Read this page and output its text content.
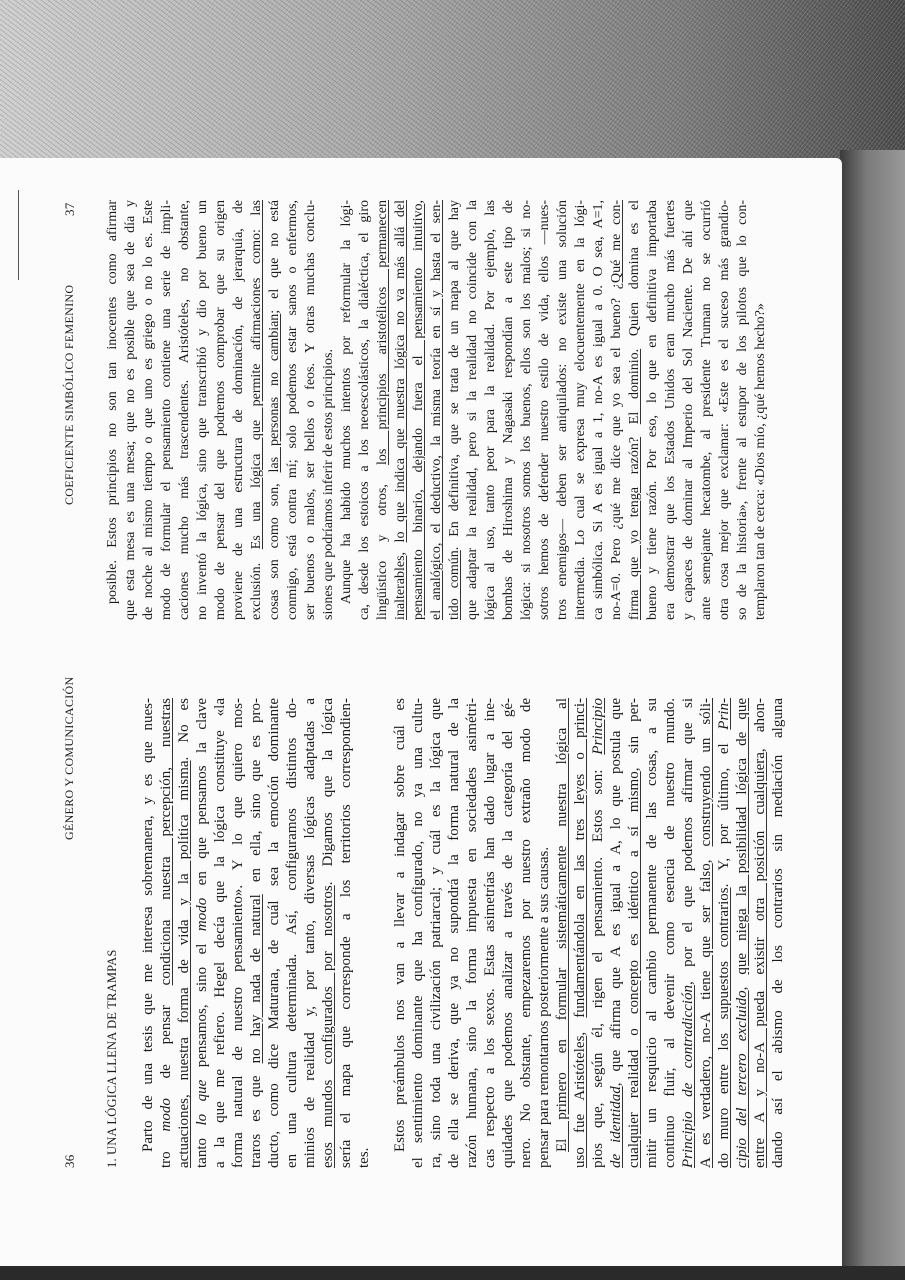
36
GÉNERO Y COMUNICACIÓN
COEFICIENTE SIMBÓLICO FEMENINO
37
1. UNA LÓGICA LLENA DE TRAMPAS	Parto de una tesis que me interesa sobremanera, y es que nues- tro modo de pensar condiciona nuestra percepción, nuestras actuaciones, nuestra forma de vida y la política misma. No es
tanto lo que pensamos, sino el modo en que pensamos la clave a la que me refiero. Hegel decía que la lógica constituye «la forma natural de nuestro pensamiento». Y lo que quiero mos- traros es que no hay nada de natural en ella, sino que es pro- ducto, como dice Maturana, de cuál sea la emoción dominante en una cultura determinada. Así, configuramos distintos do- minios de realidad y, por tanto, diversas lógicas adaptadas a esos mundos configurados por nosotros. Digamos que la lógica sería el mapa que corresponde a los territorios correspondien- tes.
Estos preámbulos nos van a llevar a indagar sobre cuál es el sentimiento dominante que ha configurado, no ya una cultu- ra, sino toda una civilización patriarcal; y cuál es la lógica que de ella se deriva, que ya no supondrá la forma natural de la razón humana, sino la forma impuesta en sociedades asimétri- cas respecto a los sexos. Estas asimetrías han dado lugar a ine- quidades que podemos analizar a través de la categoría del gé- nero. No obstante, empezaremos por nuestro extraño modo de pensar para remontarnos posteriormente a sus causas. El primero en formular sistemáticamente nuestra lógica al uso fue Aristóteles, fundamentándola en las tres leyes o princi- pios que, según él, rigen el pensamiento. Estos son: Principio
de identidad, que afirma que A es igual a A, lo que postula que cualquier realidad o concepto es idéntico a sí mismo, sin per- mitir un resquicio al cambio permanente de las cosas, a su continuo fluir, al devenir como esencia de nuestro mundo. Principio de contradicción, por el que podemos afirmar que si
A es verdadero, no-A tiene que ser falso, construyendo un sóli-
do muro entre los supuestos contrarios. Y, por último, el Prin-
cipio del tercero excluido, que niega la posibilidad lógica de que entre A y no-A pueda existir otra posición cualquiera, ahon- dando así el abismo de los contrarios sin mediación alguna
posible. Estos principios no son tan inocentes como afirmar que esta mesa es una mesa; que no es posible que sea de día y de noche al mismo tiempo o que uno es griego o no lo es. Este modo de formular el pensamiento contiene una serie de impli- caciones mucho más trascendentes. Aristóteles, no obstante, no inventó la lógica, sino que transcribió y dio por bueno un modo de pensar del que podremos comprobar que su origen proviene de una estructura de dominación, de jerarquía, de exclusión. Es una lógica que permite afirmaciones como: las cosas son como son, las personas no cambian; el que no está conmigo, está contra mí; solo podemos estar sanos o enfermos, ser buenos o malos, ser bellos o feos. Y otras muchas conclu- siones que podríamos inferir de estos principios. Aunque ha habido muchos intentos por reformular la lógi- ca, desde los estoicos a los neoescolásticos, la dialéctica, el giro lingüístico y otros, los principios aristotélicos permanecen
inalterables, lo que indica que nuestra lógica no va más allá del pensamiento binario, dejando fuera el pensamiento intuitivo, el analógico, el deductivo, la misma teoría en sí y hasta el sen- tido común. En definitiva, que se trata de un mapa al que hay que adaptar la realidad, pero si la realidad no coincide con la lógica al uso, tanto peor para la realidad. Por ejemplo, las bombas de Hiroshima y Nagasaki respondían a este tipo de lógica: si nosotros somos los buenos, ellos son los malos; si no- sotros hemos de defender nuestro estilo de vida, ellos —nues- tros enemigos— deben ser aniquilados: no existe una solución intermedia. Lo cual se expresa muy elocuentemente en la lógi- ca simbólica. Si A es igual a 1, no-A es igual a 0. O sea, A=1, no-A=0. Pero ¿qué me dice que yo sea el bueno? ¿Qué me con-
firma que yo tenga razón? El dominio. Quien domina es el bueno y tiene razón. Por eso, lo que en definitiva importaba era demostrar que los Estados Unidos eran mucho más fuertes y capaces de dominar al Imperio del Sol Naciente. De ahí que ante semejante hecatombe, al presidente Truman no se ocurrió otra cosa mejor que exclamar: «Este es el suceso más grandio- so de la historia», frente al estupor de los pilotos que lo con- templaron tan de cerca: «Dios mío, ¿qué hemos hecho?»
